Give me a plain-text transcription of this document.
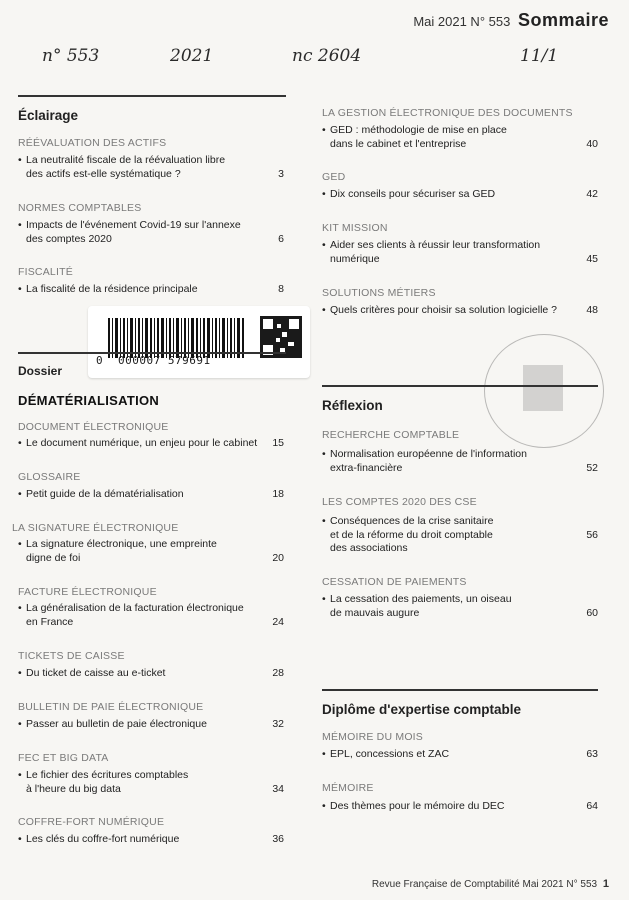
Mai 2021 N° 553 Sommaire
n° 553	2021	nc 2604	11/1
Éclairage
RÉÉVALUATION DES ACTIFS
• La neutralité fiscale de la réévaluation libre
des actifs est-elle systématique ?	3
NORMES COMPTABLES
• Impacts de l'événement Covid-19 sur l'annexe
des comptes 2020	6
FISCALITÉ
• La fiscalité de la résidence principale	8
0 000007 579691
Dossier
DÉMATÉRIALISATION
DOCUMENT ÉLECTRONIQUE
• Le document numérique, un enjeu pour le cabinet	15
GLOSSAIRE
• Petit guide de la dématérialisation	18
LA SIGNATURE ÉLECTRONIQUE
• La signature électronique, une empreinte
digne de foi	20
FACTURE ÉLECTRONIQUE
• La généralisation de la facturation électronique
en France	24
TICKETS DE CAISSE
• Du ticket de caisse au e-ticket	28
BULLETIN DE PAIE ÉLECTRONIQUE
• Passer au bulletin de paie électronique	32
FEC ET BIG DATA
• Le fichier des écritures comptables
à l'heure du big data	34
COFFRE-FORT NUMÉRIQUE
• Les clés du coffre-fort numérique	36
LA GESTION ÉLECTRONIQUE DES DOCUMENTS
• GED : méthodologie de mise en place
dans le cabinet et l'entreprise	40
GED
• Dix conseils pour sécuriser sa GED	42
KIT MISSION
• Aider ses clients à réussir leur transformation
numérique	45
SOLUTIONS MÉTIERS
• Quels critères pour choisir sa solution logicielle ?	48
Réflexion
RECHERCHE COMPTABLE
• Normalisation européenne de l'information
extra-financière	52
LES COMPTES 2020 DES CSE
• Conséquences de la crise sanitaire
et de la réforme du droit comptable
des associations
56
CESSATION DE PAIEMENTS
• La cessation des paiements, un oiseau
de mauvais augure	60
Diplôme d'expertise comptable
MÉMOIRE DU MOIS
• EPL, concessions et ZAC	63
MÉMOIRE
• Des thèmes pour le mémoire du DEC	64
Revue Française de Comptabilité Mai 2021 N° 553 1
